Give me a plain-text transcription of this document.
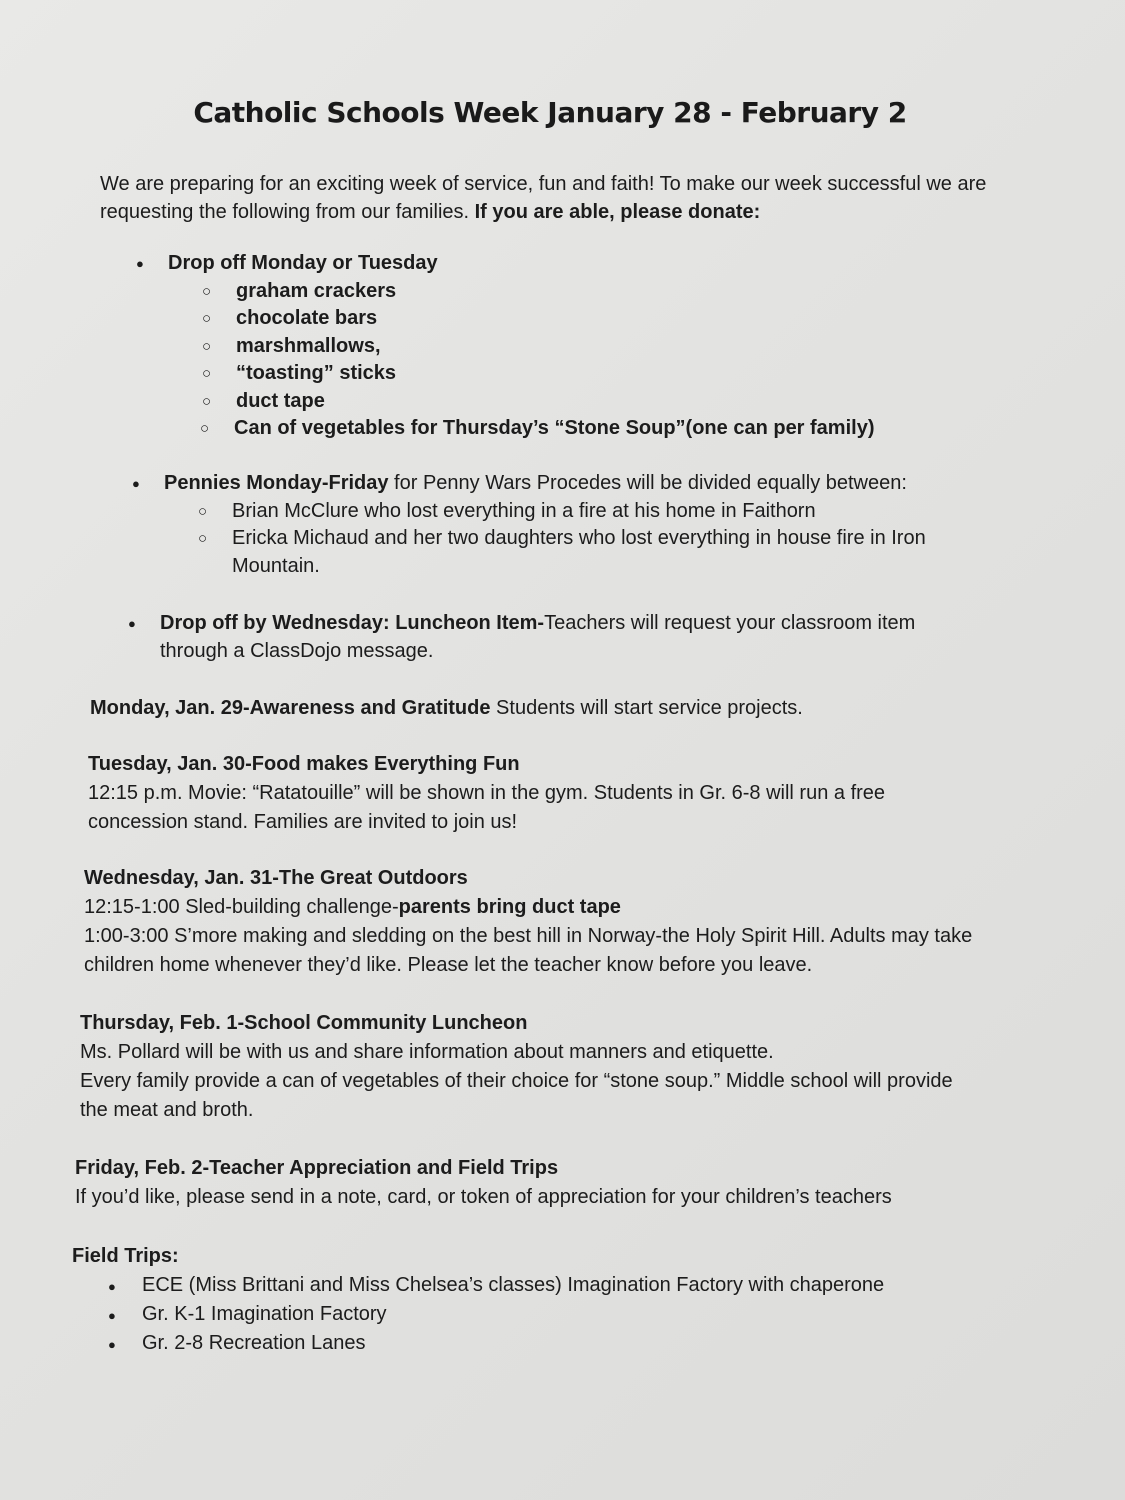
Catholic Schools Week January 28 - February 2
We are preparing for an exciting week of service, fun and faith! To make our week successful we are requesting the following from our families. If you are able, please donate:
● Drop off Monday or Tuesday
○ graham crackers
○ chocolate bars
○ marshmallows,
○ “toasting” sticks
○ duct tape
○ Can of vegetables for Thursday’s “Stone Soup”(one can per family)
● Pennies Monday-Friday for Penny Wars Procedes will be divided equally between:
○ Brian McClure who lost everything in a fire at his home in Faithorn
○ Ericka Michaud and her two daughters who lost everything in house fire in Iron Mountain.
● Drop off by Wednesday: Luncheon Item-Teachers will request your classroom item through a ClassDojo message.
Monday, Jan. 29-Awareness and Gratitude Students will start service projects.
Tuesday, Jan. 30-Food makes Everything Fun
12:15 p.m. Movie: “Ratatouille” will be shown in the gym. Students in Gr. 6-8 will run a free concession stand. Families are invited to join us!
Wednesday, Jan. 31-The Great Outdoors
12:15-1:00 Sled-building challenge-parents bring duct tape
1:00-3:00 S’more making and sledding on the best hill in Norway-the Holy Spirit Hill. Adults may take children home whenever they’d like. Please let the teacher know before you leave.
Thursday, Feb. 1-School Community Luncheon
Ms. Pollard will be with us and share information about manners and etiquette.
Every family provide a can of vegetables of their choice for “stone soup.” Middle school will provide the meat and broth.
Friday, Feb. 2-Teacher Appreciation and Field Trips
If you’d like, please send in a note, card, or token of appreciation for your children’s teachers
Field Trips:
● ECE (Miss Brittani and Miss Chelsea’s classes) Imagination Factory with chaperone
● Gr. K-1 Imagination Factory
● Gr. 2-8 Recreation Lanes
